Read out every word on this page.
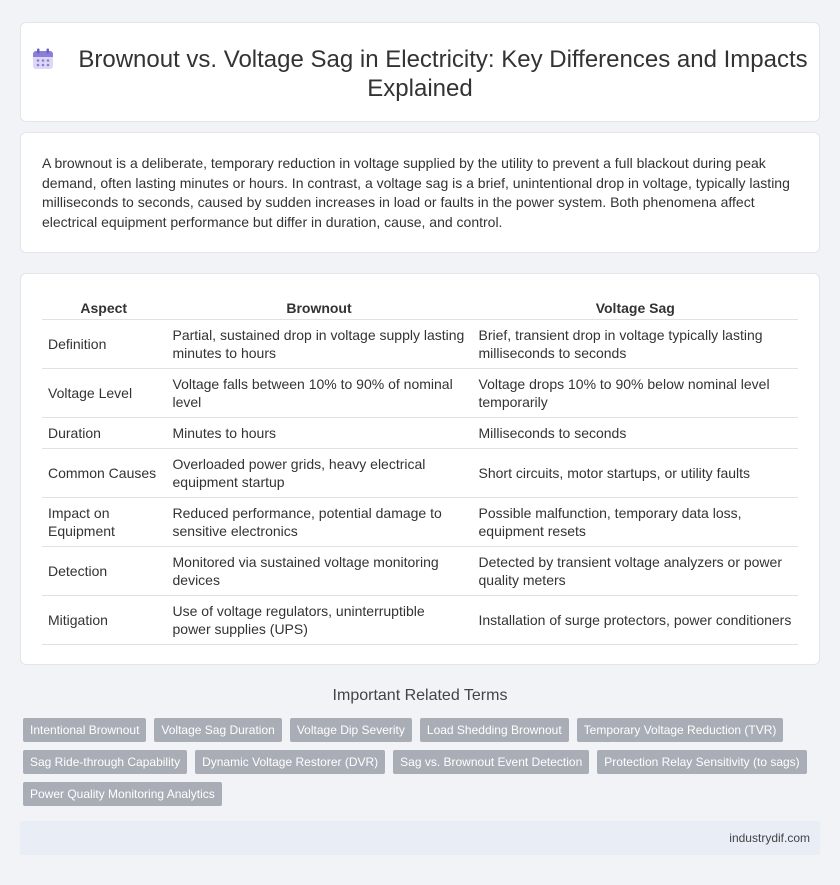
Brownout vs. Voltage Sag in Electricity: Key Differences and Impacts Explained

A brownout is a deliberate, temporary reduction in voltage supplied by the utility to prevent a full blackout during peak demand, often lasting minutes or hours. In contrast, a voltage sag is a brief, unintentional drop in voltage, typically lasting milliseconds to seconds, caused by sudden increases in load or faults in the power system. Both phenomena affect electrical equipment performance but differ in duration, cause, and control.

Aspect	Brownout	Voltage Sag
Definition	Partial, sustained drop in voltage supply lasting minutes to hours	Brief, transient drop in voltage typically lasting milliseconds to seconds
Voltage Level	Voltage falls between 10% to 90% of nominal level	Voltage drops 10% to 90% below nominal level temporarily
Duration	Minutes to hours	Milliseconds to seconds
Common Causes	Overloaded power grids, heavy electrical equipment startup	Short circuits, motor startups, or utility faults
Impact on Equipment	Reduced performance, potential damage to sensitive electronics	Possible malfunction, temporary data loss, equipment resets
Detection	Monitored via sustained voltage monitoring devices	Detected by transient voltage analyzers or power quality meters
Mitigation	Use of voltage regulators, uninterruptible power supplies (UPS)	Installation of surge protectors, power conditioners
Important Related Terms
Intentional Brownout	Voltage Sag Duration	Voltage Dip Severity	Load Shedding Brownout	Temporary Voltage Reduction (TVR)
Sag Ride-through Capability	Dynamic Voltage Restorer (DVR)	Sag vs. Brownout Event Detection	Protection Relay Sensitivity (to sags)
Power Quality Monitoring Analytics
industrydif.com
